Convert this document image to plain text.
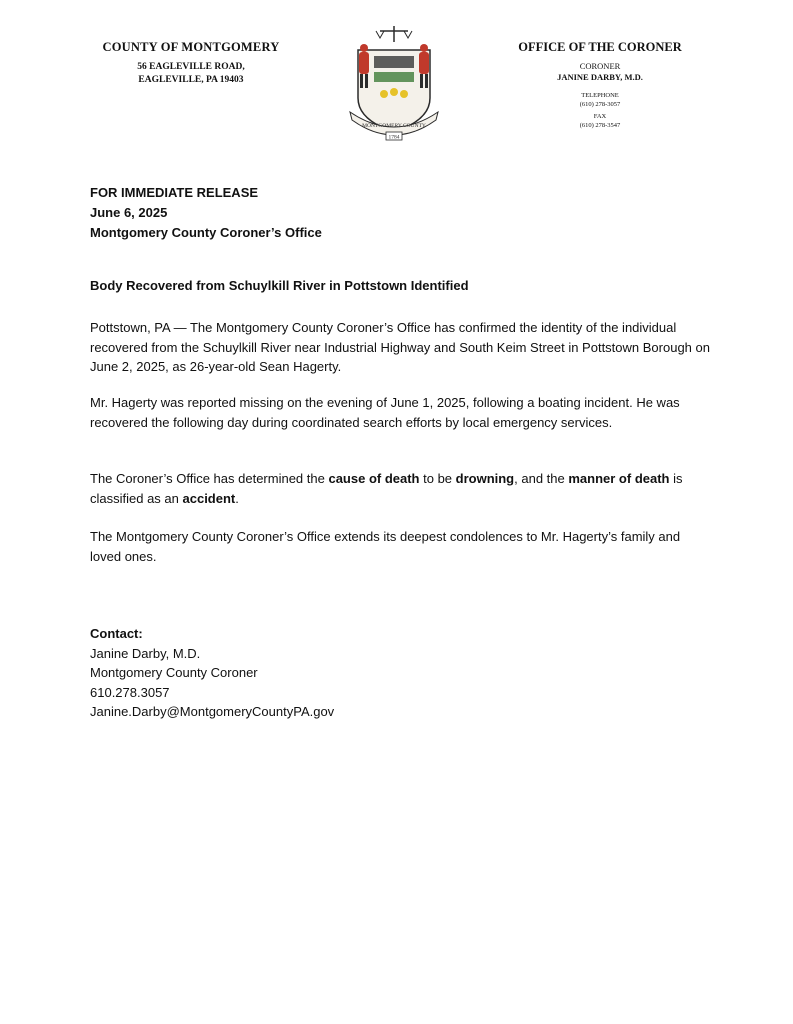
COUNTY OF MONTGOMERY
56 EAGLEVILLE ROAD,
EAGLEVILLE, PA 19403
MONTGOMERY COUNTY
1784
OFFICE OF THE CORONER
CORONER
JANINE DARBY, M.D.
TELEPHONE
(610) 278-3057
FAX
(610) 278-3547
FOR IMMEDIATE RELEASE
June 6, 2025
Montgomery County Coroner’s Office
Body Recovered from Schuylkill River in Pottstown Identified
Pottstown, PA — The Montgomery County Coroner’s Office has confirmed the identity of the individual recovered from the Schuylkill River near Industrial Highway and South Keim Street in Pottstown Borough on June 2, 2025, as 26-year-old Sean Hagerty.
Mr. Hagerty was reported missing on the evening of June 1, 2025, following a boating incident. He was recovered the following day during coordinated search efforts by local emergency services.
The Coroner’s Office has determined the cause of death to be drowning, and the manner of death is classified as an accident.
The Montgomery County Coroner’s Office extends its deepest condolences to Mr. Hagerty’s family and loved ones.
Contact:
Janine Darby, M.D.
Montgomery County Coroner
610.278.3057
Janine.Darby@MontgomeryCountyPA.gov
